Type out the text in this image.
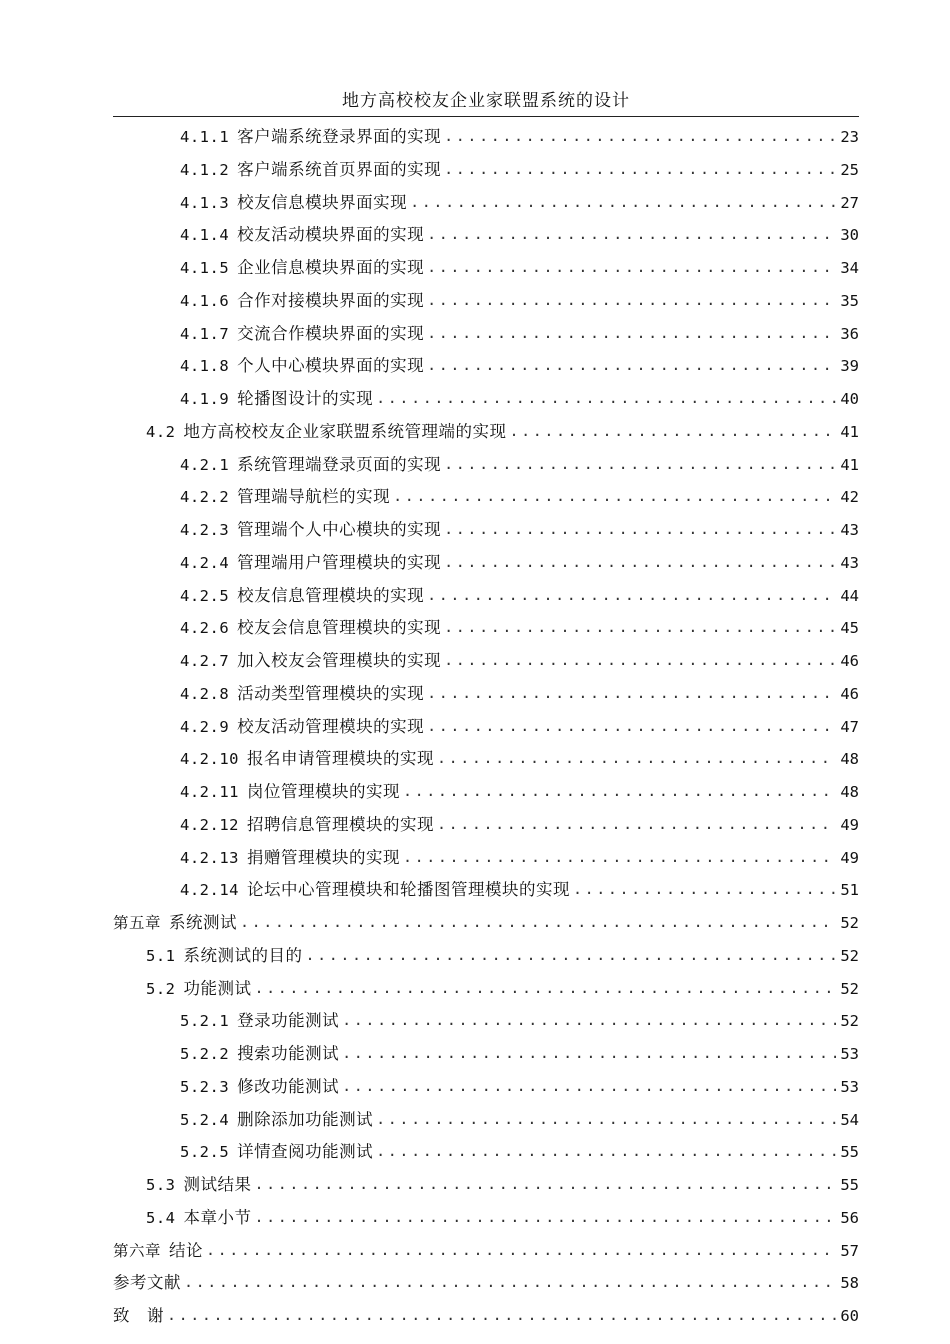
地方高校校友企业家联盟系统的设计
4.1.1 客户端系统登录界面的实现 .....	23
4.1.2 客户端系统首页界面的实现 .....	25
4.1.3 校友信息模块界面实现 .....	27
4.1.4 校友活动模块界面的实现 .....	30
4.1.5 企业信息模块界面的实现 .....	34
4.1.6 合作对接模块界面的实现 .....	35
4.1.7 交流合作模块界面的实现 .....	36
4.1.8 个人中心模块界面的实现 .....	39
4.1.9 轮播图设计的实现 .....	40
4.2 地方高校校友企业家联盟系统管理端的实现 .....	41
4.2.1 系统管理端登录页面的实现 .....	41
4.2.2 管理端导航栏的实现 .....	42
4.2.3 管理端个人中心模块的实现 .....	43
4.2.4 管理端用户管理模块的实现 .....	43
4.2.5 校友信息管理模块的实现 .....	44
4.2.6 校友会信息管理模块的实现 .....	45
4.2.7 加入校友会管理模块的实现 .....	46
4.2.8 活动类型管理模块的实现 .....	46
4.2.9 校友活动管理模块的实现 .....	47
4.2.10 报名申请管理模块的实现 .....	48
4.2.11 岗位管理模块的实现 .....	48
4.2.12 招聘信息管理模块的实现 .....	49
4.2.13 捐赠管理模块的实现 .....	49
4.2.14 论坛中心管理模块和轮播图管理模块的实现 .....	51
第五章 系统测试 .....	52
5.1 系统测试的目的 .....	52
5.2 功能测试 .....	52
5.2.1 登录功能测试 .....	52
5.2.2 搜索功能测试 .....	53
5.2.3 修改功能测试 .....	53
5.2.4 删除添加功能测试 .....	54
5.2.5 详情查阅功能测试 .....	55
5.3 测试结果 .....	55
5.4 本章小节 .....	56
第六章 结论 .....	57
参考文献 .....	58
致　谢 .....	60
